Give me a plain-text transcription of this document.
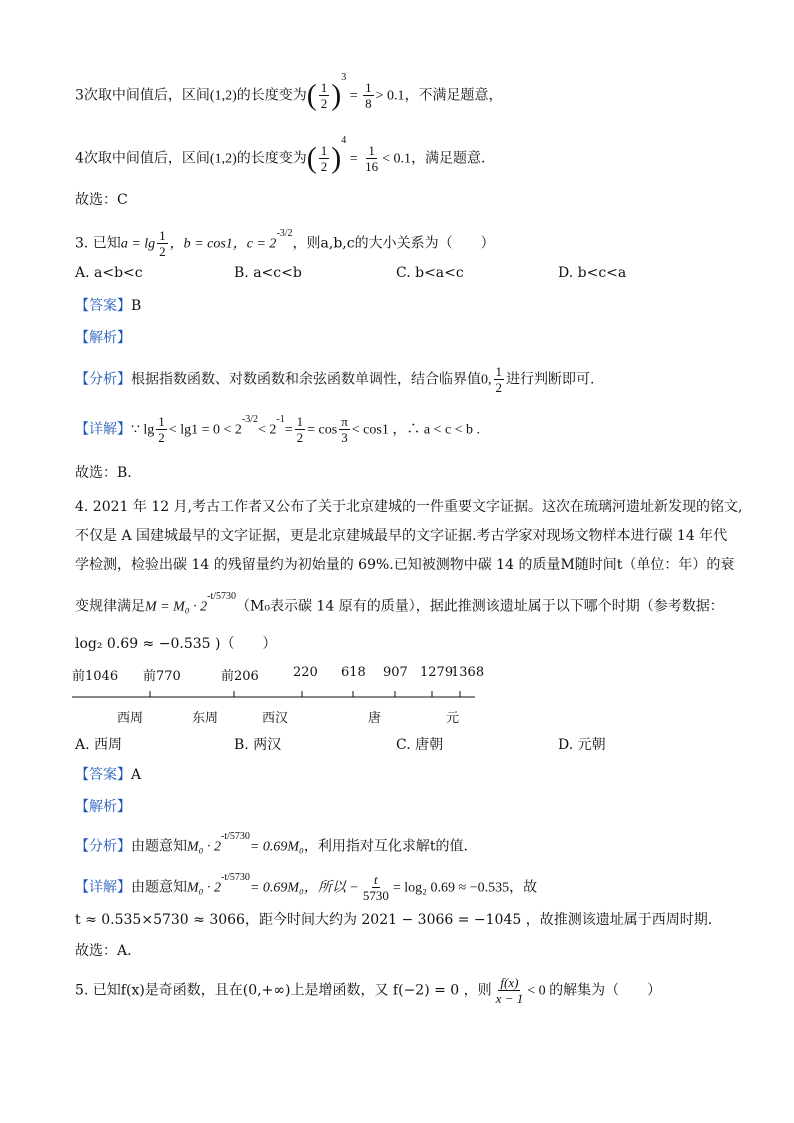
3次取中间值后，区间(1,2)的长度变为( $\frac{1}{2} )^3 = \frac{1}{8} > 0.1$，不满足题意，
4次取中间值后，区间(1,2)的长度变为( $\frac{1}{2} )^4 = \frac{1}{16} < 0.1$，满足题意.
故选：C
3. 已知$a = \lg \frac{1}{2}$ ，b = cos1，$c = 2^{-3/2}$，则a,b,c的大小关系为（　　）
A. a<b<c	B. a<c<b	C. b<a<c	D. b<c<a
【答案】B
【解析】
【分析】根据指数函数、对数函数和余弦函数单调性，结合临界值0, $\frac{1}{2}$ 进行判断即可.
【详解】∵ $\lg \frac{1}{2} < \lg 1 = 0 < 2^{-3/2}< 2^{-1}= \frac{1}{2} = \cos \frac{\pi}{3} < \cos 1$ ，∴ a < c < b .
故选：B.
4. 2021 年 12 月,考古工作者又公布了关于北京建城的一件重要文字证据。这次在琉璃河遗址新发现的铭文,
不仅是 A 国建城最早的文字证据，更是北京建城最早的文字证据.考古学家对现场文物样本进行碳 14 年代
学检测，检验出碳 14 的残留量约为初始量的 69%.已知被测物中碳 14 的质量M随时间t（单位：年）的衰
变规律满足$M = M_0 \cdot 2^{-t/5730}(M_0$表示碳 14 原有的质量），据此推测该遗址属于以下哪个时期（参考数据：
log₂ 0.69 ≈ −0.535 )（　　）
前1046 前770	前206	220 618 907 1279
1368
西周	东周	西汉	唐	元
A. 西周	B. 两汉	C. 唐朝	D. 元朝
【答案】A
【解析】
【分析】由题意知$M_0 \cdot 2^{-t/5730}= 0.69M_0$，利用指对互化求解t的值.
【详解】由题意知$M_0 \cdot 2^{-t/5730}= 0.69M_0$，所以 − $\frac{t}{5730} = \log_2$ 0.69 ≈ −0.535，故
t ≈ 0.535×5730 ≈ 3066，距今时间大约为 2021 − 3066 = −1045 ，故推测该遗址属于西周时期.
故选：A.
5. 已知f(x)是奇函数，且在(0,+∞)上是增函数，又 f(−2) = 0 ，则 $\frac{f(x)}{x - 1} < 0$ 的解集为（　　）
